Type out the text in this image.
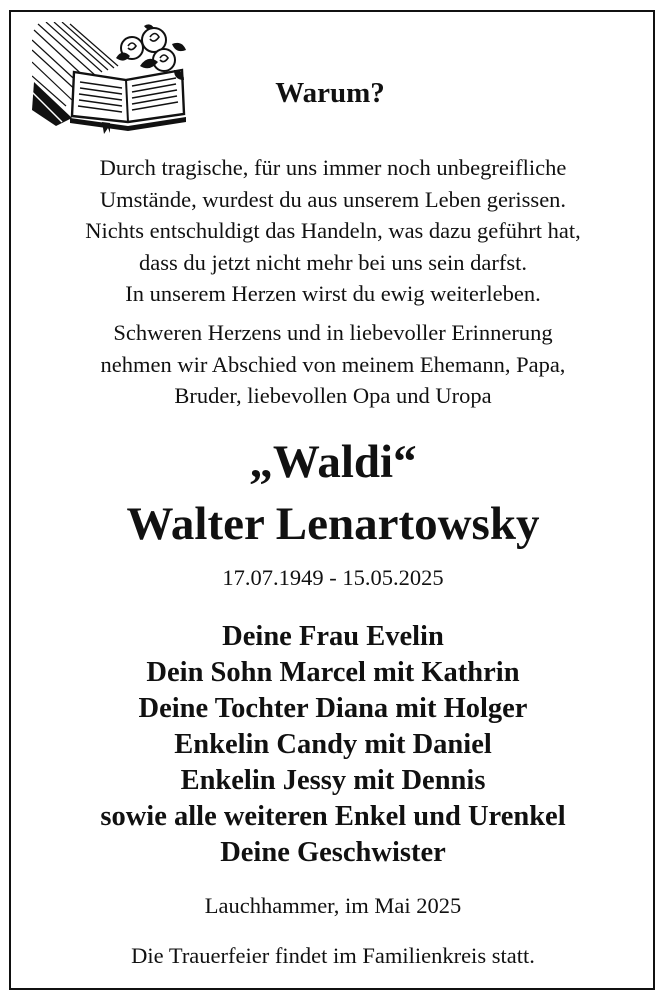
Warum?
Durch tragische, für uns immer noch unbegreifliche
Umstände, wurdest du aus unserem Leben gerissen.
Nichts entschuldigt das Handeln, was dazu geführt hat,
dass du jetzt nicht mehr bei uns sein darfst.
In unserem Herzen wirst du ewig weiterleben.
Schweren Herzens und in liebevoller Erinnerung
nehmen wir Abschied von meinem Ehemann, Papa,
Bruder, liebevollen Opa und Uropa
„Waldi“
Walter Lenartowsky
17.07.1949 - 15.05.2025
Deine Frau Evelin
Dein Sohn Marcel mit Kathrin
Deine Tochter Diana mit Holger
Enkelin Candy mit Daniel
Enkelin Jessy mit Dennis
sowie alle weiteren Enkel und Urenkel
Deine Geschwister
Lauchhammer, im Mai 2025
Die Trauerfeier findet im Familienkreis statt.
